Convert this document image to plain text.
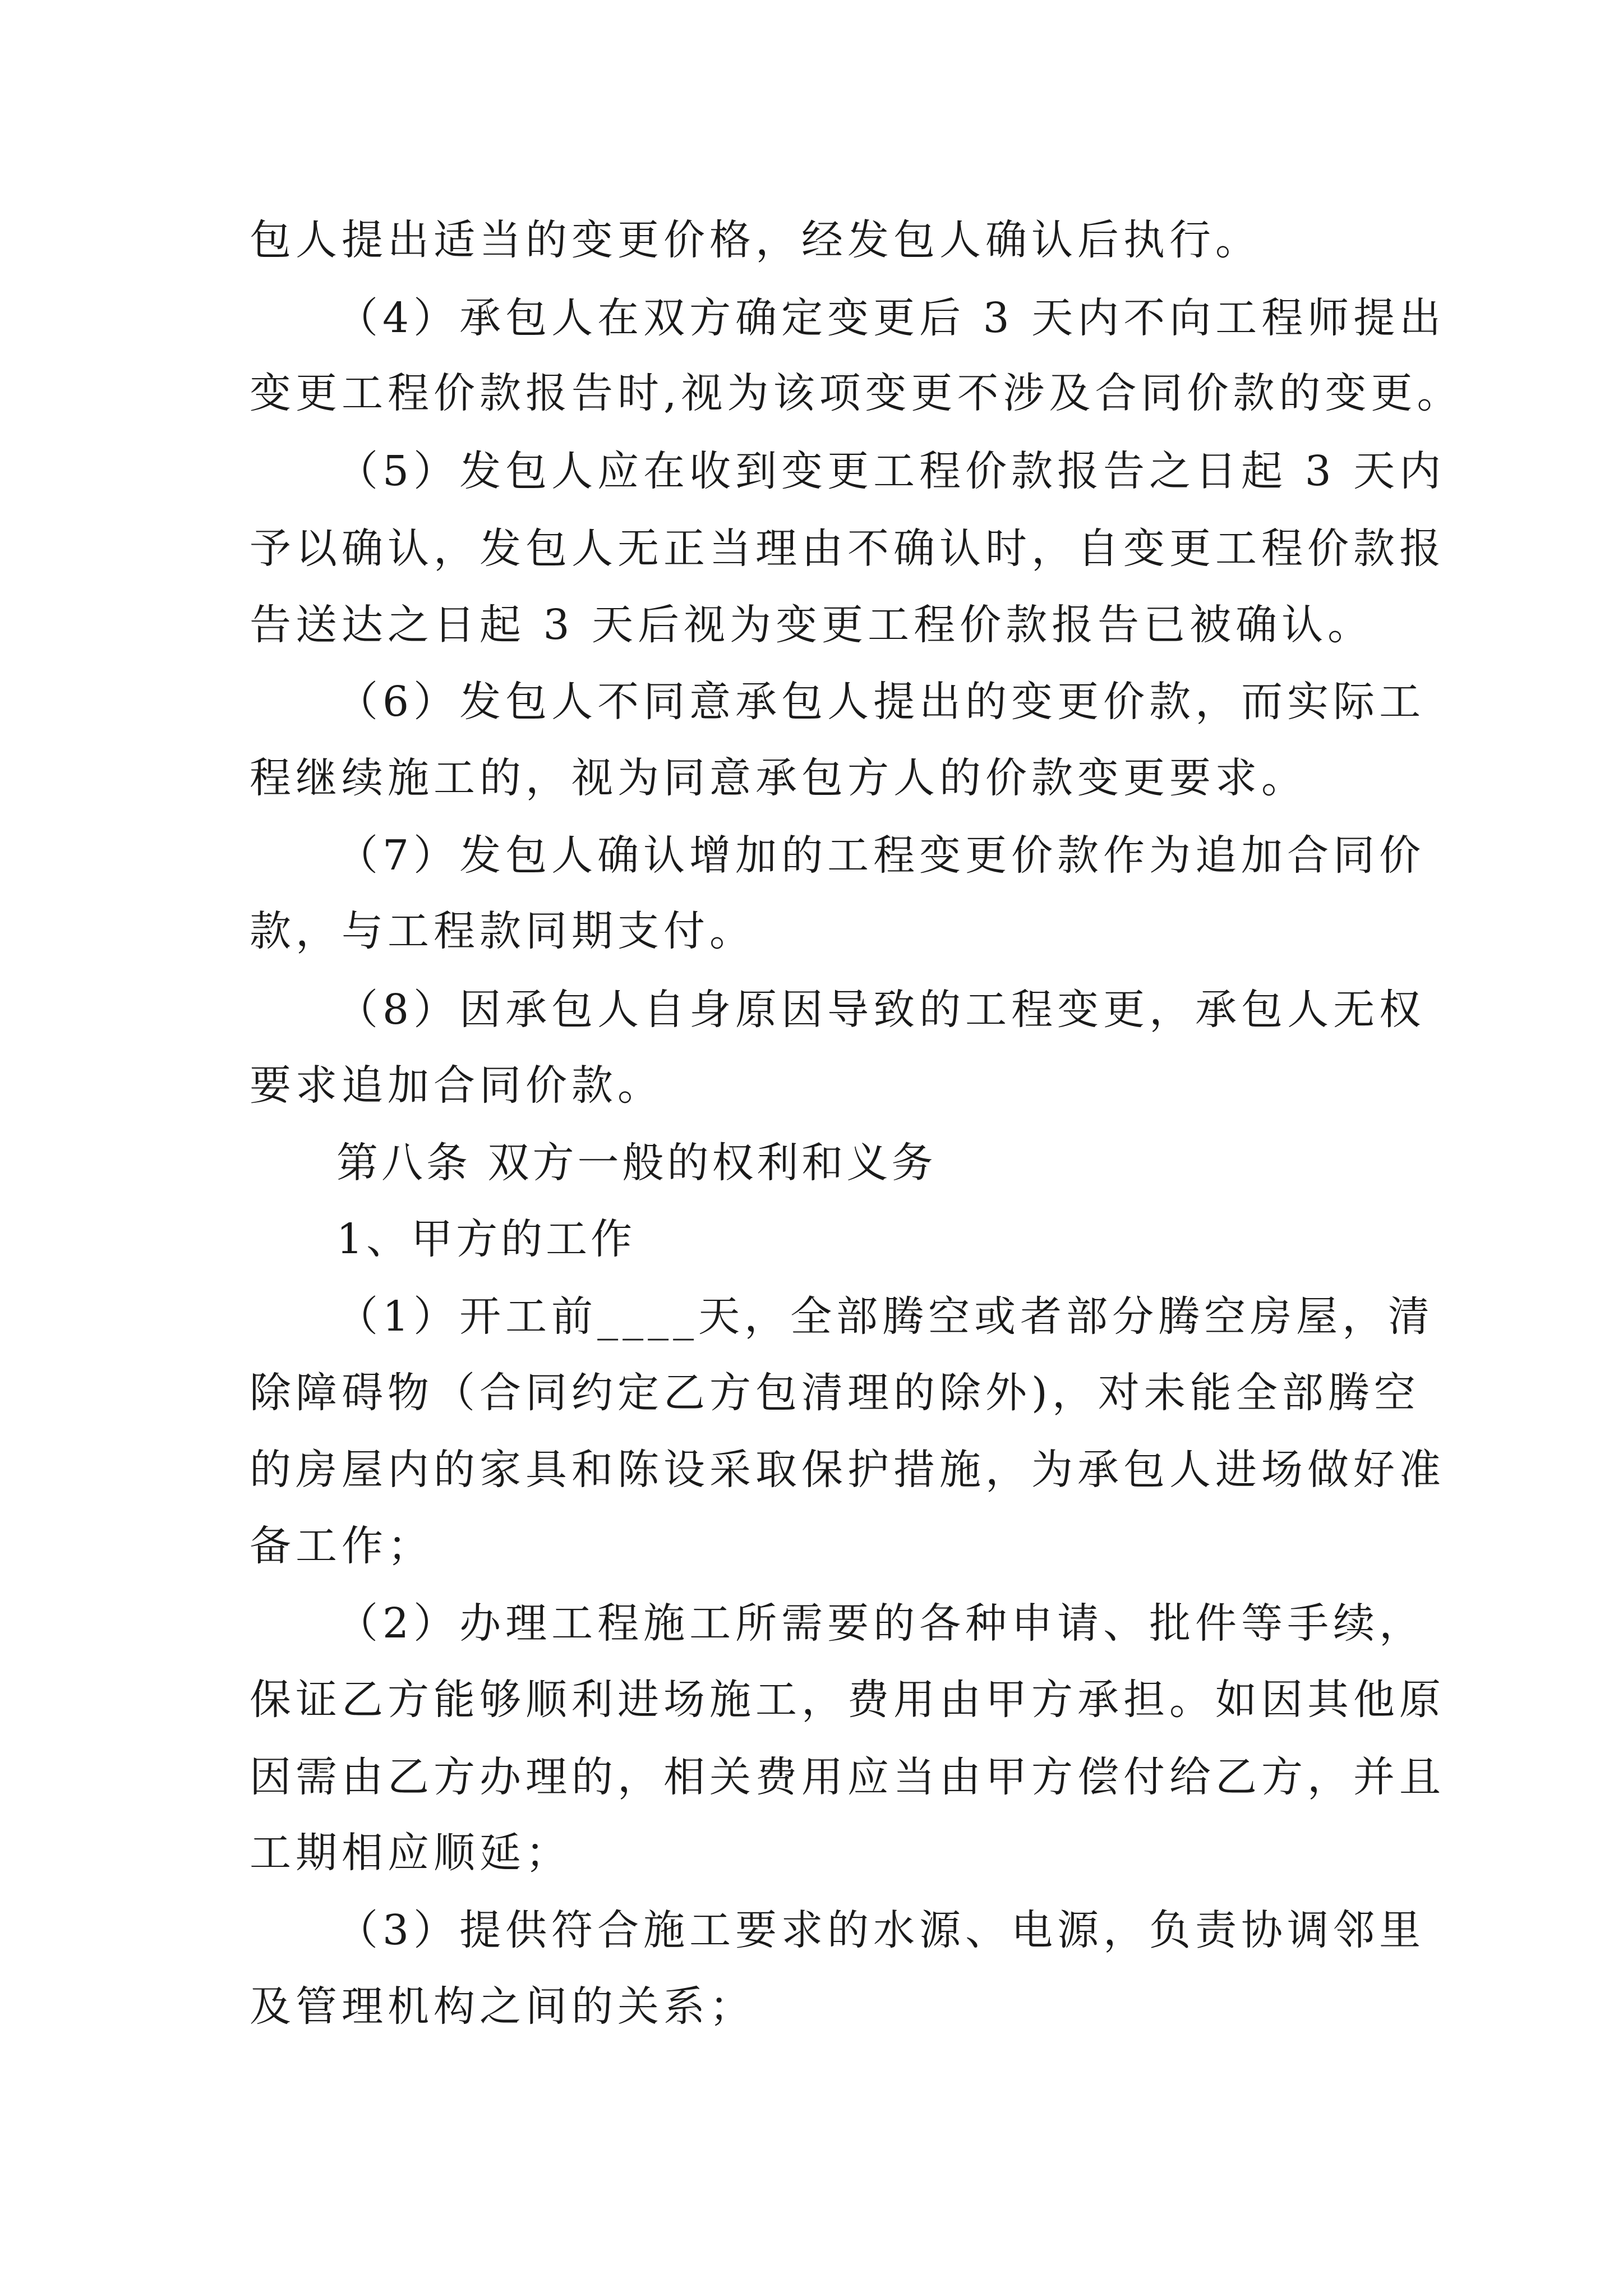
包人提出适当的变更价格，经发包人确认后执行。

（4）承包人在双方确定变更后 3 天内不向工程师提出

变更工程价款报告时,视为该项变更不涉及合同价款的变更。

（5）发包人应在收到变更工程价款报告之日起 3 天内

予以确认，发包人无正当理由不确认时，自变更工程价款报

告送达之日起 3 天后视为变更工程价款报告已被确认。

（6）发包人不同意承包人提出的变更价款，而实际工

程继续施工的，视为同意承包方人的价款变更要求。

（7）发包人确认增加的工程变更价款作为追加合同价

款，与工程款同期支付。

（8）因承包人自身原因导致的工程变更，承包人无权

要求追加合同价款。

第八条 双方一般的权利和义务

1、甲方的工作

（1）开工前____天，全部腾空或者部分腾空房屋，清

除障碍物（合同约定乙方包清理的除外)，对未能全部腾空

的房屋内的家具和陈设采取保护措施，为承包人进场做好准

备工作；

（2）办理工程施工所需要的各种申请、批件等手续，

保证乙方能够顺利进场施工，费用由甲方承担。如因其他原

因需由乙方办理的，相关费用应当由甲方偿付给乙方，并且

工期相应顺延；

（3）提供符合施工要求的水源、电源，负责协调邻里

及管理机构之间的关系；
